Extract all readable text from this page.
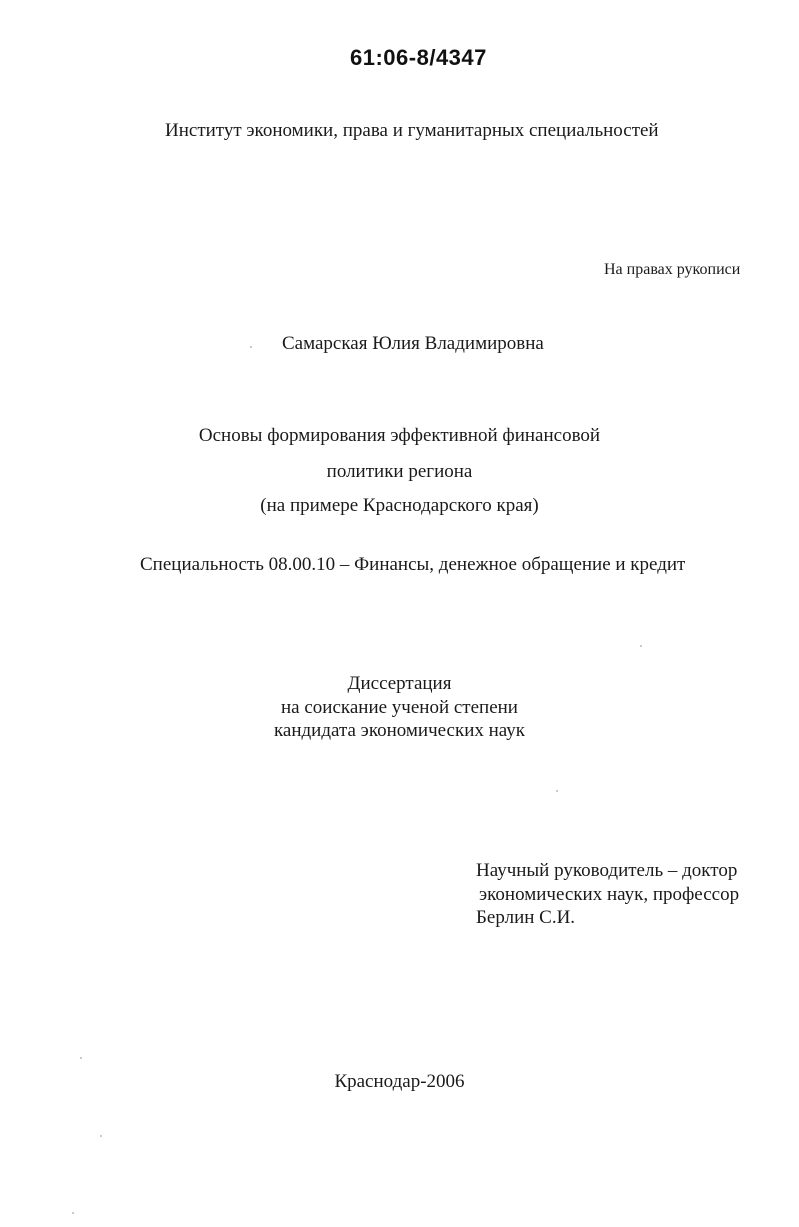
61:06-8/4347
Институт экономики, права и гуманитарных специальностей
На правах рукописи
Самарская Юлия Владимировна
Основы формирования эффективной финансовой
политики региона
(на примере Краснодарского края)
Специальность 08.00.10 – Финансы, денежное обращение и кредит
Диссертация
на соискание ученой степени
кандидата экономических наук
Научный руководитель – доктор
экономических наук, профессор
Берлин С.И.
Краснодар-2006
